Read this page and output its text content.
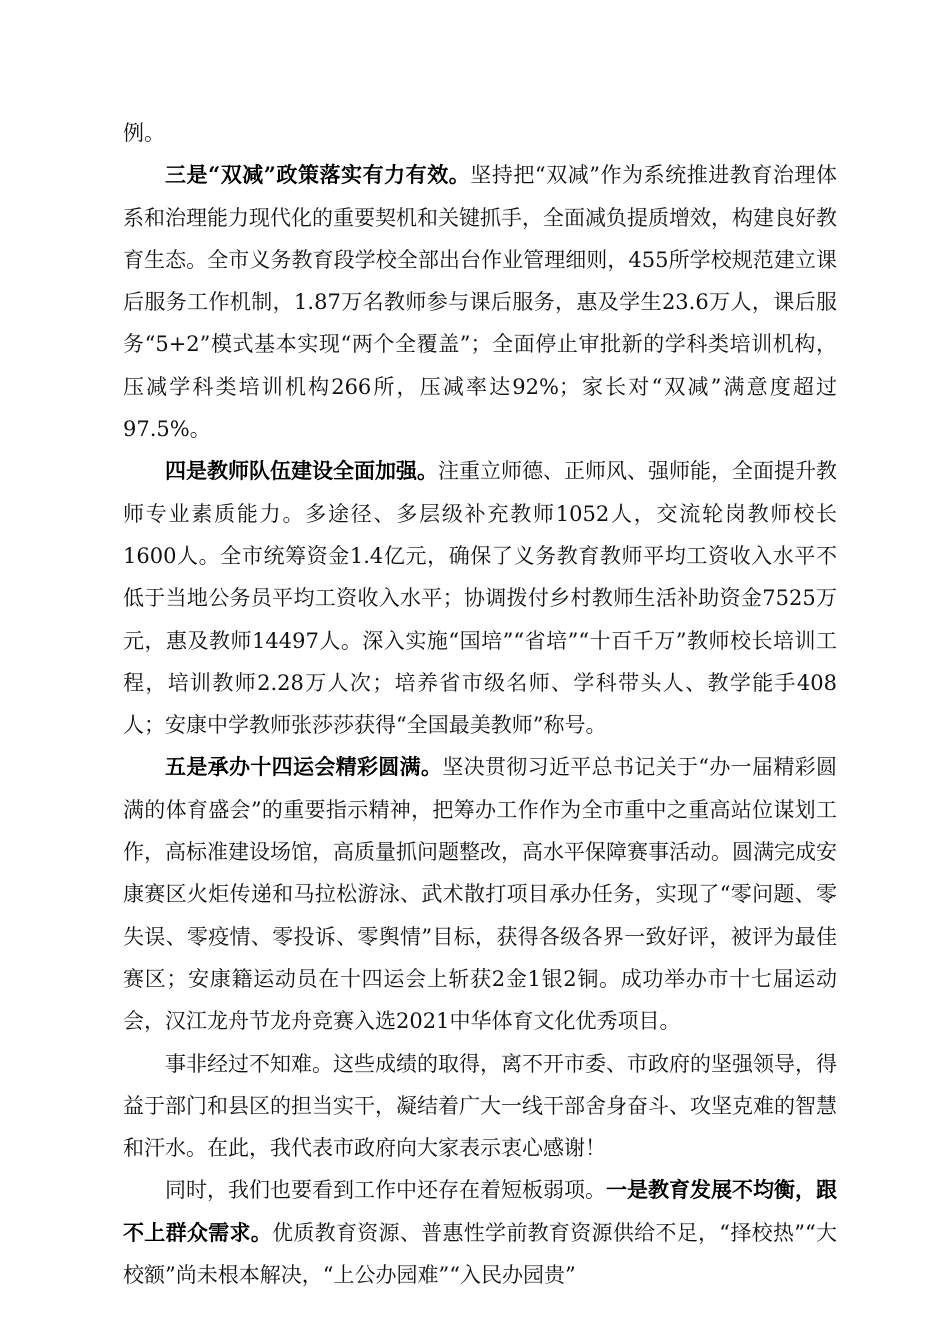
例。

三是“双减”政策落实有力有效。坚持把“双减”作为系统推进教育治理体系和治理能力现代化的重要契机和关键抓手，全面减负提质增效，构建良好教育生态。全市义务教育段学校全部出台作业管理细则，455所学校规范建立课后服务工作机制，1.87万名教师参与课后服务，惠及学生23.6万人，课后服务“5+2”模式基本实现“两个全覆盖”；全面停止审批新的学科类培训机构，压减学科类培训机构266所，压减率达92%；家长对“双减”满意度超过97.5%。

四是教师队伍建设全面加强。注重立师德、正师风、强师能，全面提升教师专业素质能力。多途径、多层级补充教师1052人，交流轮岗教师校长1600人。全市统筹资金1.4亿元，确保了义务教育教师平均工资收入水平不低于当地公务员平均工资收入水平；协调拨付乡村教师生活补助资金7525万元，惠及教师14497人。深入实施“国培”“省培”“十百千万”教师校长培训工程，培训教师2.28万人次；培养省市级名师、学科带头人、教学能手408人；安康中学教师张莎莎获得“全国最美教师”称号。

五是承办十四运会精彩圆满。坚决贯彻习近平总书记关于“办一届精彩圆满的体育盛会”的重要指示精神，把筹办工作作为全市重中之重高站位谋划工作，高标准建设场馆，高质量抓问题整改，高水平保障赛事活动。圆满完成安康赛区火炬传递和马拉松游泳、武术散打项目承办任务，实现了“零问题、零失误、零疫情、零投诉、零舆情”目标，获得各级各界一致好评，被评为最佳赛区；安康籍运动员在十四运会上斩获2金1银2铜。成功举办市十七届运动会，汉江龙舟节龙舟竞赛入选2021中华体育文化优秀项目。

事非经过不知难。这些成绩的取得，离不开市委、市政府的坚强领导，得益于部门和县区的担当实干，凝结着广大一线干部舍身奋斗、攻坚克难的智慧和汗水。在此，我代表市政府向大家表示衷心感谢！

同时，我们也要看到工作中还存在着短板弱项。一是教育发展不均衡，跟不上群众需求。优质教育资源、普惠性学前教育资源供给不足，“择校热”“大校额”尚未根本解决，“上公办园难”“入民办园贵”
